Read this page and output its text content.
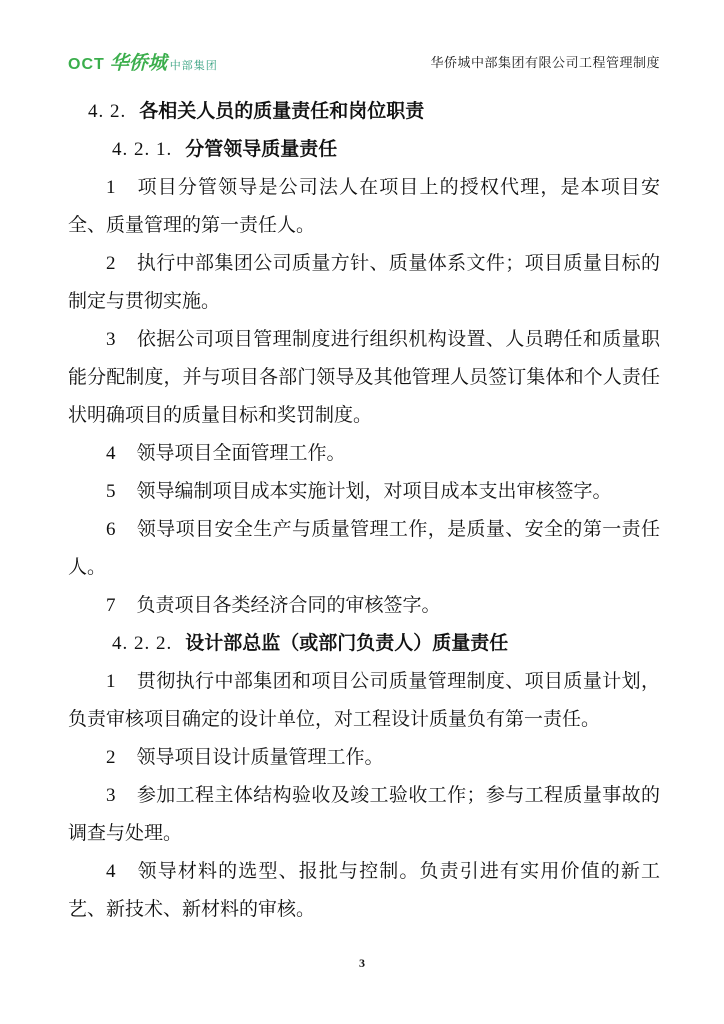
OCT 华侨城 中部集团	华侨城中部集团有限公司工程管理制度

4. 2. 各相关人员的质量责任和岗位职责

4. 2. 1. 分管领导质量责任

1 项目分管领导是公司法人在项目上的授权代理，是本项目安全、质量管理的第一责任人。

2 执行中部集团公司质量方针、质量体系文件；项目质量目标的制定与贯彻实施。

3 依据公司项目管理制度进行组织机构设置、人员聘任和质量职能分配制度，并与项目各部门领导及其他管理人员签订集体和个人责任状明确项目的质量目标和奖罚制度。

4 领导项目全面管理工作。

5 领导编制项目成本实施计划，对项目成本支出审核签字。

6 领导项目安全生产与质量管理工作，是质量、安全的第一责任人。

7 负责项目各类经济合同的审核签字。

4. 2. 2. 设计部总监（或部门负责人）质量责任

1 贯彻执行中部集团和项目公司质量管理制度、项目质量计划，负责审核项目确定的设计单位，对工程设计质量负有第一责任。

2 领导项目设计质量管理工作。

3 参加工程主体结构验收及竣工验收工作；参与工程质量事故的调查与处理。

4 领导材料的选型、报批与控制。负责引进有实用价值的新工艺、新技术、新材料的审核。

3
